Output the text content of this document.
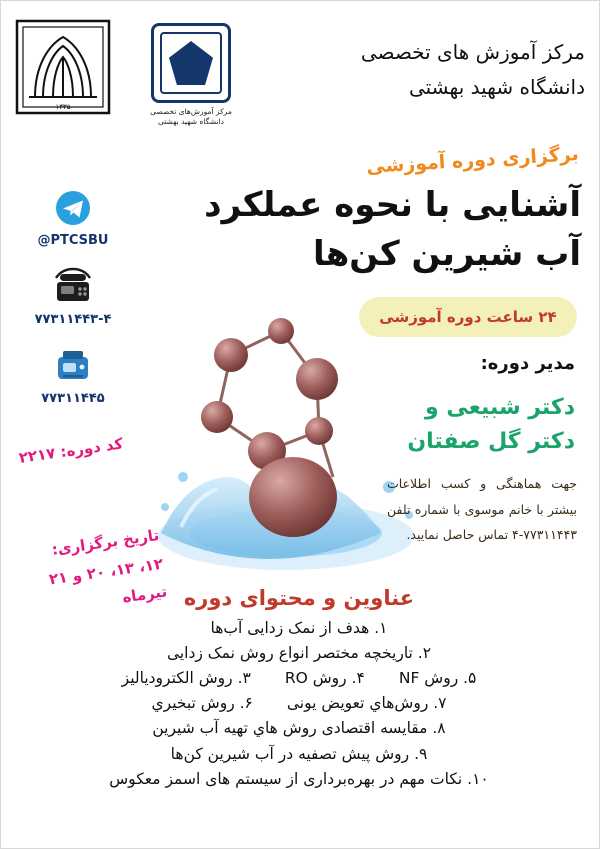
۱۳۳۵	مرکز آموزش‌های تخصصی دانشگاه شهید بهشتی
مرکز آموزش های تخصصی
دانشگاه شهید بهشتی
برگزاری دوره آموزشی
آشنایی با نحوه عملکرد
آب شیرین کن‌ها
@PTCSBU
۷۷۳۱۱۴۴۳-۴
۷۷۳۱۱۴۴۵
۲۴ ساعت دوره آموزشی
مدیر دوره:
دکتر شبیعی و
دکتر گل صفتان
جهت هماهنگی و کسب اطلاعات بیشتر با خانم موسوی با شماره تلفن ۷۷۳۱۱۴۴۳-۴ تماس حاصل نمایید.
کد دوره: ۲۲۱۷
تاریخ برگزاری:
۱۲، ۱۳، ۲۰ و ۲۱ تیرماه عناوین و محتوای دوره
۱. هدف از نمک زدایی آب‌ها
۲. تاریخچه مختصر انواع روش نمک زدایی
۵. روش NF
۴. روش RO
۳. روش الکترودیالیز
۷. روش‌هاي تعویض یونی
۶. روش تبخیري
۸. مقایسه اقتصادی روش هاي تهیه آب شیرین
۹. روش پیش تصفیه در آب شیرین کن‌ها
۱۰. نکات مهم در بهره‌برداری از سیستم های اسمز معکوس
